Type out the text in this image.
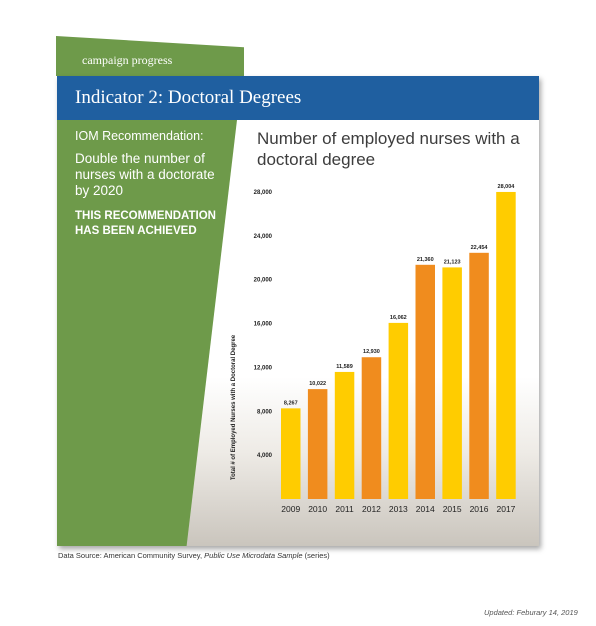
campaign progress
Indicator 2: Doctoral Degrees
IOM Recommendation:
Double the number of nurses with a doctorate by 2020
THIS RECOMMENDATION HAS BEEN ACHIEVED
Number of employed nurses with a doctoral degree
Total # of Employed Nurses with a Doctoral Degree	4,000
8,000
12,000
16,000
20,000
24,000
28,000
8,267
2009
10,022
2010
11,589
2011
12,930
2012
16,062
2013
21,360
2014
21,123
2015
22,454
2016
28,004
2017
Data Source: American Community Survey, Public Use Microdata Sample (series)
Updated: Feburary 14, 2019
